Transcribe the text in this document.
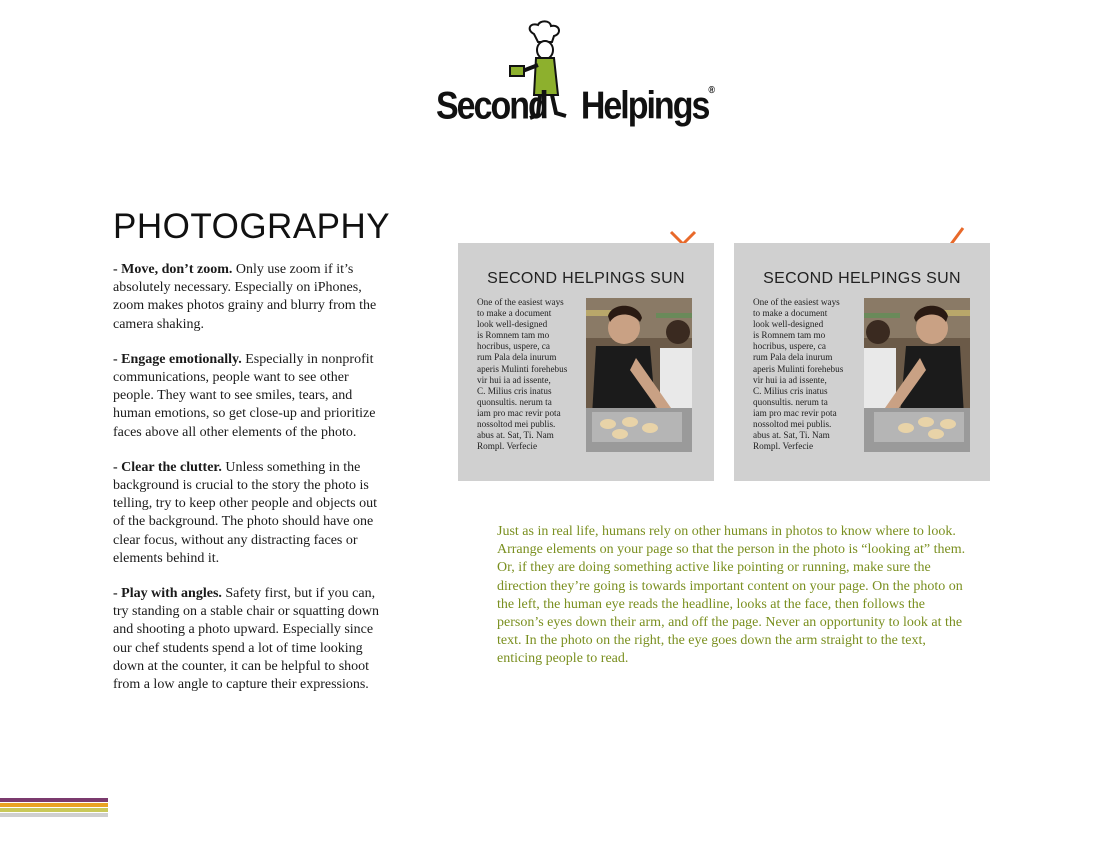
Second Helpings®
PHOTOGRAPHY

- Move, don’t zoom. Only use zoom if it’s absolutely necessary. Especially on iPhones, zoom makes photos grainy and blurry from the camera shaking.

- Engage emotionally. Especially in nonprofit communications, people want to see other people. They want to see smiles, tears, and human emotions, so get close-up and prioritize faces above all other elements of the photo.

- Clear the clutter. Unless something in the background is crucial to the story the photo is telling, try to keep other people and objects out of the background. The photo should have one clear focus, without any distracting faces or elements behind it.

- Play with angles. Safety first, but if you can, try standing on a stable chair or squatting down and shooting a photo upward. Especially since our chef students spend a lot of time looking down at the counter, it can be helpful to shoot from a low angle to capture their expressions.

SECOND HELPINGS SUN
One of the easiest ways
to make a document
look well-designed
is Romnem tam mo
hocribus, uspere, ca
rum Pala dela inurum
aperis Mulinti forehebus
vir hui ia ad issente,
C. Milius cris inatus
quonsultis. nerum ta
iam pro mac revir pota
nossoltod mei publis.
abus at. Sat, Ti. Nam
Rompl. Verfecie
SECOND HELPINGS SUN
One of the easiest ways
to make a document
look well-designed
is Romnem tam mo
hocribus, uspere, ca
rum Pala dela inurum
aperis Mulinti forehebus
vir hui ia ad issente,
C. Milius cris inatus
quonsultis. nerum ta
iam pro mac revir pota
nossoltod mei publis.
abus at. Sat, Ti. Nam
Rompl. Verfecie

Just as in real life, humans rely on other humans in photos to know where to look. Arrange elements on your page so that the person in the photo is “looking at” them. Or, if they are doing something active like pointing or running, make sure the direction they’re going is towards important content on your page. On the photo on the left, the human eye reads the headline, looks at the face, then follows the person’s eyes down their arm, and off the page. Never an opportunity to look at the text. In the photo on the right, the eye goes down the arm straight to the text, enticing people to read.
